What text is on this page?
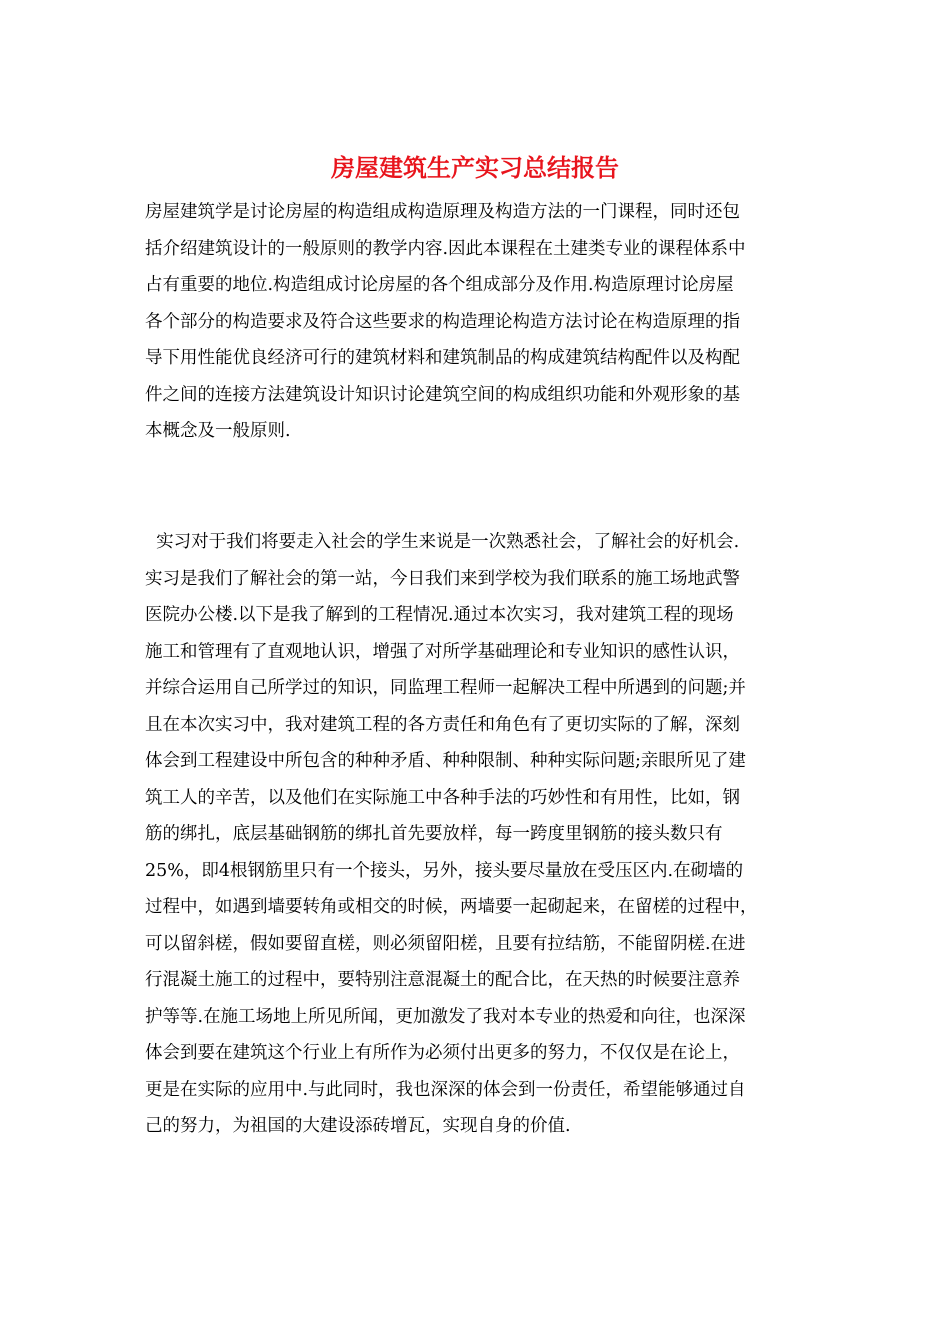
房屋建筑生产实习总结报告
房屋建筑学是讨论房屋的构造组成构造原理及构造方法的一门课程，同时还包
括介绍建筑设计的一般原则的教学内容.因此本课程在土建类专业的课程体系中
占有重要的地位.构造组成讨论房屋的各个组成部分及作用.构造原理讨论房屋
各个部分的构造要求及符合这些要求的构造理论构造方法讨论在构造原理的指
导下用性能优良经济可行的建筑材料和建筑制品的构成建筑结构配件以及构配
件之间的连接方法建筑设计知识讨论建筑空间的构成组织功能和外观形象的基
本概念及一般原则.
实习对于我们将要走入社会的学生来说是一次熟悉社会，了解社会的好机会.
实习是我们了解社会的第一站，今日我们来到学校为我们联系的施工场地武警
医院办公楼.以下是我了解到的工程情况.通过本次实习，我对建筑工程的现场
施工和管理有了直观地认识，增强了对所学基础理论和专业知识的感性认识，
并综合运用自己所学过的知识，同监理工程师一起解决工程中所遇到的问题;并
且在本次实习中，我对建筑工程的各方责任和角色有了更切实际的了解，深刻
体会到工程建设中所包含的种种矛盾、种种限制、种种实际问题;亲眼所见了建
筑工人的辛苦，以及他们在实际施工中各种手法的巧妙性和有用性，比如，钢
筋的绑扎，底层基础钢筋的绑扎首先要放样，每一跨度里钢筋的接头数只有
25%，即4根钢筋里只有一个接头，另外，接头要尽量放在受压区内.在砌墙的
过程中，如遇到墙要转角或相交的时候，两墙要一起砌起来，在留槎的过程中，
可以留斜槎，假如要留直槎，则必须留阳槎，且要有拉结筋，不能留阴槎.在进
行混凝土施工的过程中，要特别注意混凝土的配合比，在天热的时候要注意养
护等等.在施工场地上所见所闻，更加激发了我对本专业的热爱和向往，也深深
体会到要在建筑这个行业上有所作为必须付出更多的努力，不仅仅是在论上，
更是在实际的应用中.与此同时，我也深深的体会到一份责任，希望能够通过自
己的努力，为祖国的大建设添砖增瓦，实现自身的价值.
